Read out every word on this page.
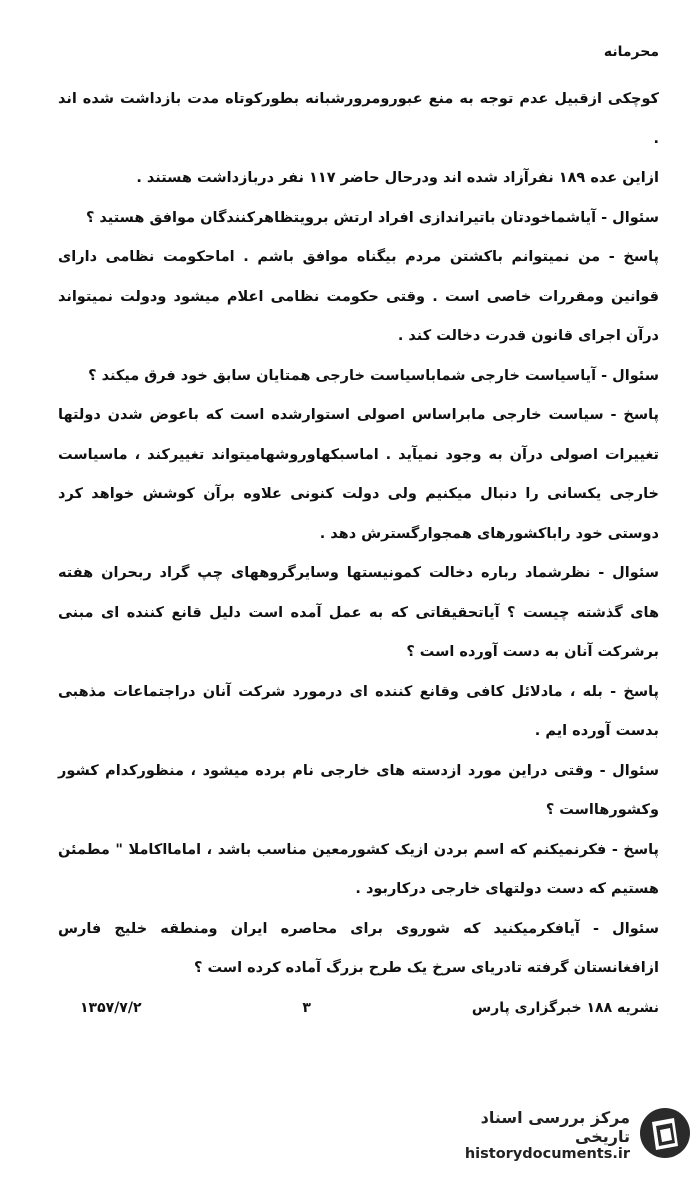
محرمانه

کوچکی ازقبیل عدم توجه به منع عبورومرورشبانه بطورکوتاه مدت بازداشت شده اند .

ازاین عده ۱۸۹ نفرآزاد شده اند ودرحال حاضر ۱۱۷ نفر دربازداشت هستند .

سئوال - آیاشماخودتان باتیراندازی افراد ارتش برویتظاهرکنندگان موافق هستید ؟

پاسخ - من نمیتوانم باکشتن مردم بیگناه موافق باشم . اماحکومت نظامی دارای قوانین ومقررات خاصی است . وقتی حکومت نظامی اعلام میشود ودولت نمیتواند درآن اجرای قانون قدرت دخالت کند .

سئوال - آیاسیاست خارجی شماباسیاست خارجی همتایان سابق خود فرق میکند ؟

پاسخ - سیاست خارجی مابراساس اصولی استوارشده است که باعوض شدن دولتها تغییرات اصولی درآن به وجود نمیآید . اماسبکهاوروشهامیتواند تغییرکند ، ماسیاست خارجی یکسانی را دنبال میکنیم ولی دولت کنونی علاوه برآن کوشش خواهد کرد دوستی خود راباکشورهای همجوارگسترش دهد .

سئوال - نظرشماد رباره دخالت کمونیستها وسایرگروههای چپ گراد ربحران هفته های گذشته چیست ؟ آیاتحقیقاتی که به عمل آمده است دلیل قانع کننده ای مبنی برشرکت آنان به دست آورده است ؟

پاسخ - بله ، مادلائل کافی وقانع کننده ای درمورد شرکت آنان دراجتماعات مذهبی بدست آورده ایم .

سئوال - وقتی دراین مورد ازدسته های خارجی نام برده میشود ، منظورکدام کشور وکشورهااست ؟

پاسخ - فکرنمیکنم که اسم بردن ازیک کشورمعین مناسب باشد ، امامااکاملا " مطمئن هستیم که دست دولتهای خارجی درکاربود .

سئوال - آیافکرمیکنید که شوروی برای محاصره ایران ومنطقه خلیج فارس ازافغانستان گرفته تادریای سرخ یک طرح بزرگ آماده کرده است ؟

نشریه ۱۸۸ خبرگزاری پارس
۳
۱۳۵۷/۷/۲
مرکز بررسی اسناد تاریخی
historydocuments.ir
